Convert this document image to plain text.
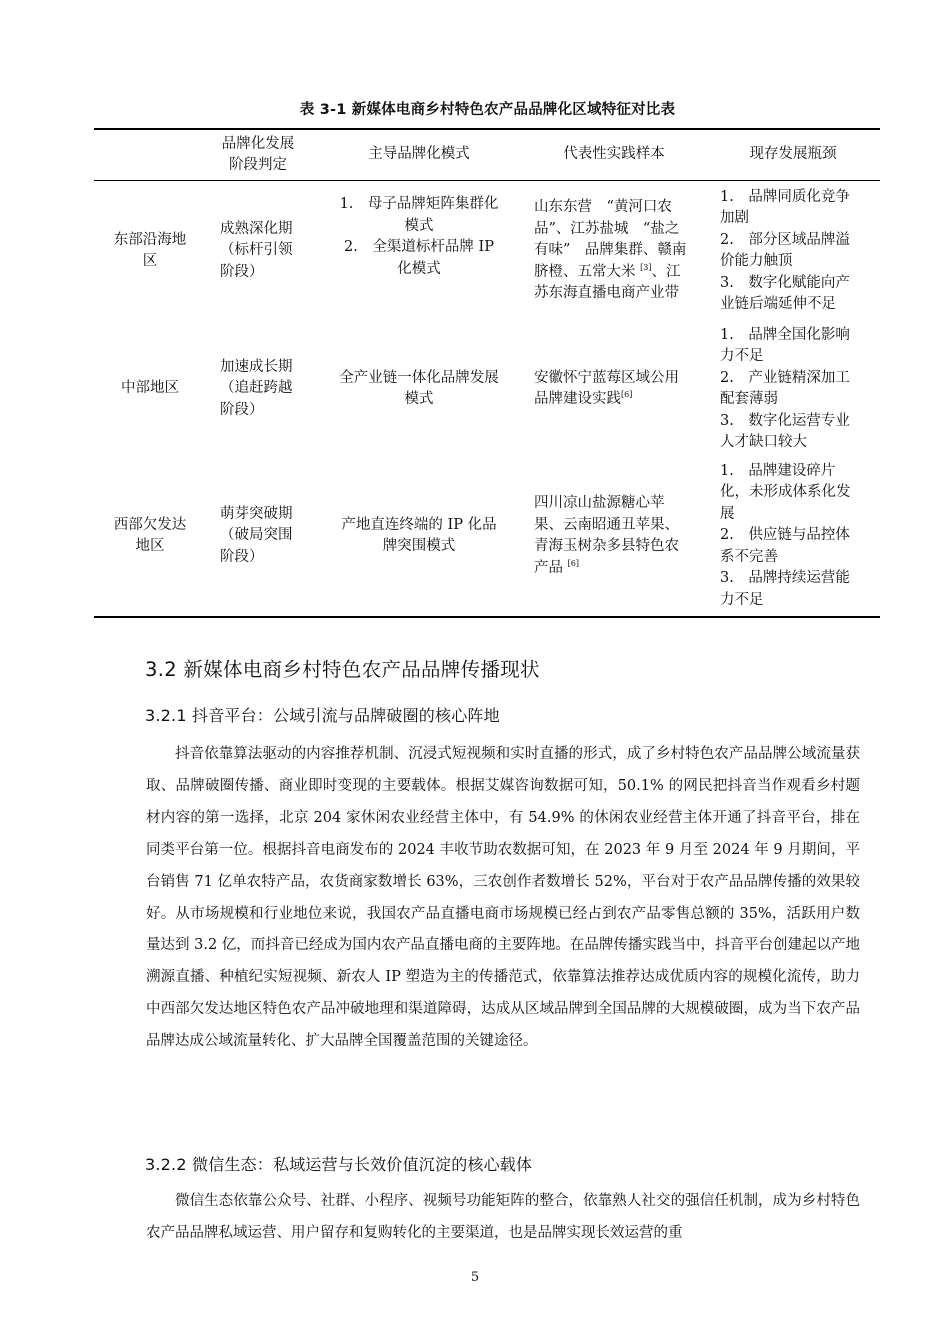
表 3-1 新媒体电商乡村特色农产品品牌化区域特征对比表
品牌化发展
阶段判定
主导品牌化模式	代表性实践样本	现存发展瓶颈
东部沿海地
区
成熟深化期
（标杆引领
阶段）
1.　母子品牌矩阵集群化
模式
2.　全渠道标杆品牌 IP
化模式
山东东营　“黄河口农
品”、江苏盐城　“盐之
有味”　品牌集群、赣南
脐橙、五常大米 [3]、江
苏东海直播电商产业带
1.　品牌同质化竞争
加剧
2.　部分区域品牌溢
价能力触顶
3.　数字化赋能向产
业链后端延伸不足
中部地区
加速成长期
（追赶跨越
阶段）
全产业链一体化品牌发展
模式
安徽怀宁蓝莓区域公用
品牌建设实践[6]
1.　品牌全国化影响
力不足
2.　产业链精深加工
配套薄弱
3.　数字化运营专业
人才缺口较大
西部欠发达
地区
萌芽突破期
（破局突围
阶段）
产地直连终端的 IP 化品
牌突围模式
四川凉山盐源糖心苹
果、云南昭通丑苹果、
青海玉树杂多县特色农
产品 [6]
1.　品牌建设碎片
化，未形成体系化发
展
2.　供应链与品控体
系不完善
3.　品牌持续运营能
力不足
3.2 新媒体电商乡村特色农产品品牌传播现状
3.2.1 抖音平台：公域引流与品牌破圈的核心阵地

抖音依靠算法驱动的内容推荐机制、沉浸式短视频和实时直播的形式，成了乡村特色农产品品牌公域流量获取、品牌破圈传播、商业即时变现的主要载体。根据艾媒咨询数据可知，50.1% 的网民把抖音当作观看乡村题材内容的第一选择，北京 204 家休闲农业经营主体中，有 54.9% 的休闲农业经营主体开通了抖音平台，排在同类平台第一位。根据抖音电商发布的 2024 丰收节助农数据可知，在 2023 年 9 月至 2024 年 9 月期间，平台销售 71 亿单农特产品，农货商家数增长 63%，三农创作者数增长 52%，平台对于农产品品牌传播的效果较好。从市场规模和行业地位来说，我国农产品直播电商市场规模已经占到农产品零售总额的 35%，活跃用户数量达到 3.2 亿，而抖音已经成为国内农产品直播电商的主要阵地。在品牌传播实践当中，抖音平台创建起以产地溯源直播、种植纪实短视频、新农人 IP 塑造为主的传播范式，依靠算法推荐达成优质内容的规模化流传，助力中西部欠发达地区特色农产品冲破地理和渠道障碍，达成从区域品牌到全国品牌的大规模破圈，成为当下农产品品牌达成公域流量转化、扩大品牌全国覆盖范围的关键途径。

3.2.2 微信生态：私域运营与长效价值沉淀的核心载体

微信生态依靠公众号、社群、小程序、视频号功能矩阵的整合，依靠熟人社交的强信任机制，成为乡村特色农产品品牌私域运营、用户留存和复购转化的主要渠道，也是品牌实现长效运营的重

5
